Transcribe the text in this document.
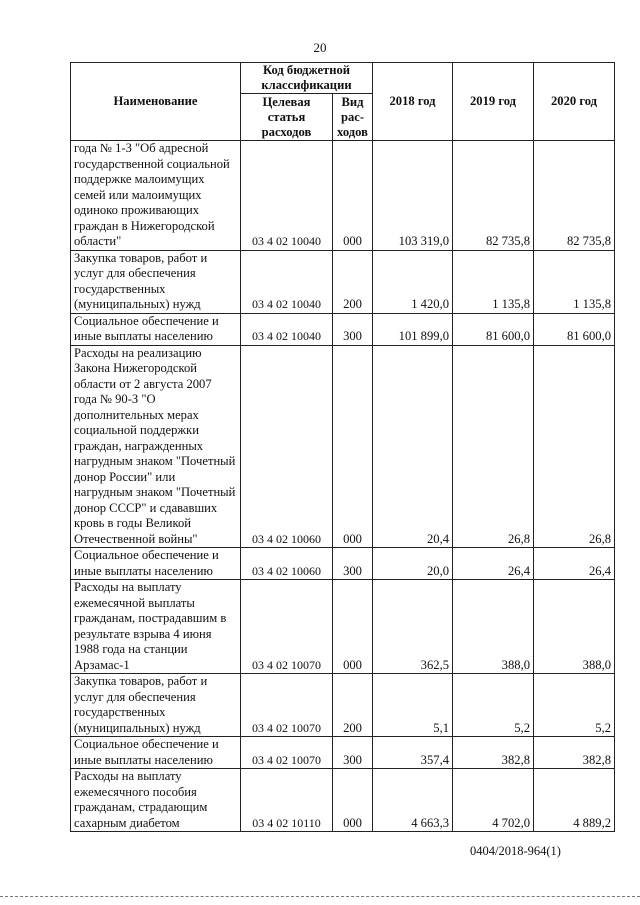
20
Наименование	Код бюджетной классификации		2018 год	2019 год	2020 год
	Целевая статья расходов	Вид рас-ходов			
года № 1-З "Об адресной государственной социальной поддержке малоимущих семей или малоимущих одиноко проживающих граждан в Нижегородской области"	03 4 02 10040	000	103 319,0	82 735,8	82 735,8
Закупка товаров, работ и услуг для обеспечения государственных (муниципальных) нужд	03 4 02 10040	200	1 420,0	1 135,8	1 135,8
Социальное обеспечение и иные выплаты населению	03 4 02 10040	300	101 899,0	81 600,0	81 600,0
Расходы на реализацию Закона Нижегородской области от 2 августа 2007 года № 90-З "О дополнительных мерах социальной поддержки граждан, награжденных нагрудным знаком "Почетный донор России" или нагрудным знаком "Почетный донор СССР" и сдававших кровь в годы Великой Отечественной войны"	03 4 02 10060	000	20,4	26,8	26,8
Социальное обеспечение и иные выплаты населению	03 4 02 10060	300	20,0	26,4	26,4
Расходы на выплату ежемесячной выплаты гражданам, пострадавшим в результате взрыва 4 июня 1988 года на станции Арзамас-1	03 4 02 10070	000	362,5	388,0	388,0
Закупка товаров, работ и услуг для обеспечения государственных (муниципальных) нужд	03 4 02 10070	200	5,1	5,2	5,2
Социальное обеспечение и иные выплаты населению	03 4 02 10070	300	357,4	382,8	382,8
Расходы на выплату ежемесячного пособия гражданам, страдающим сахарным диабетом	03 4 02 10110	000	4 663,3	4 702,0	4 889,2
0404/2018-964(1)
